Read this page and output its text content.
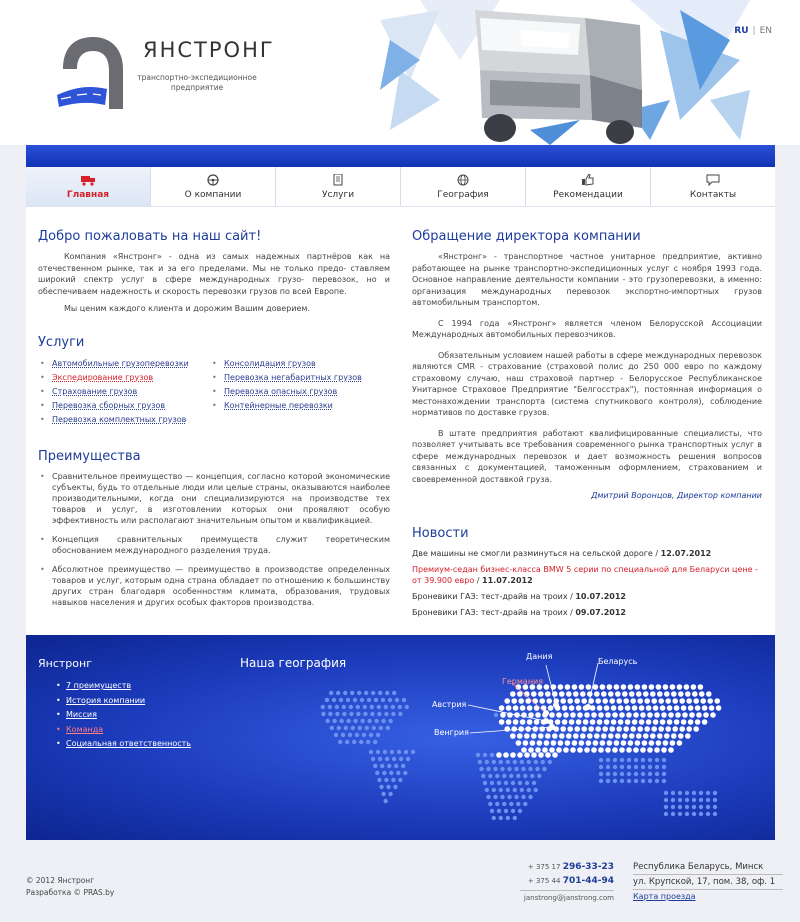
ЯНСТРОНГ
транспортно-экспедиционное предприятие
RU | EN
Главная	О компании	Услуги	География	Рекомендации	Контакты
Добро пожаловать на наш сайт!

Компания «Янстронг» - одна из самых надежных партнёров как на отечественном рынке, так и за его пределами. Мы не только предо- ставляем широкий спектр услуг в сфере международных грузо- перевозок, но и обеспечиваем надежность и скорость перевозки грузов по всей Европе.

Мы ценим каждого клиента и дорожим Вашим доверием.

Услуги
• Автомобильные грузоперевозки
• Экспедирование грузов
• Страхование грузов
• Перевозка сборных грузов
• Перевозка комплектных грузов
• Консолидация грузов
• Перевозка негабаритных грузов
• Перевозка опасных грузов
• Контейнерные перевозки
Преимущества
• Сравнительное преимущество — концепция, согласно которой экономические субъекты, будь то отдельные люди или целые страны, оказываются наиболее производительными, когда они специализируются на производстве тех товаров и услуг, в изготовлении которых они проявляют особую эффективность или располагают значительным опытом и квалификацией.
• Концепция сравнительных преимуществ служит теоретическим обоснованием международного разделения труда.
• Абсолютное преимущество — преимущество в производстве определенных товаров и услуг, которым одна страна обладает по отношению к большинству других стран благодаря особенностям климата, образования, трудовых навыков населения и других особых факторов производства.
Обращение директора компании

«Янстронг» - транспортное частное унитарное предприятие, активно работающее на рынке транспортно-экспедиционных услуг с ноября 1993 года. Основное направление деятельности компании - это грузоперевозки, а именно: организация международных перевозок экспортно-импортных грузов автомобильным транспортом.

С 1994 года «Янстронг» является членом Белорусской Ассоциации Международных автомобильных перевозчиков.

Обязательным условием нашей работы в сфере международных перевозок являются CMR - страхование (страховой полис до 250 000 евро по каждому страховому случаю, наш страховой партнер - Белорусское Республиканское Унитарное Страховое Предприятие "Белгосстрах"), постоянная информация о местонахождении транспорта (система спутникового контроля), соблюдение нормативов по доставке грузов.

В штате предприятия работают квалифицированные специалисты, что позволяет учитывать все требования современного рынка транспортных услуг в сфере международных перевозок и дает возможность решения вопросов связанных с документацией, таможенным оформлением, страхованием и своевременной доставкой груза.

Дмитрий Воронцов, Директор компании
Новости
Две машины не смогли разминуться на сельской дороге / 12.07.2012
Премиум-седан бизнес-класса BMW 5 серии по специальной для Беларуси цене - от 39.900 евро / 11.07.2012
Броневики ГАЗ: тест-драйв на троих / 10.07.2012
Броневики ГАЗ: тест-драйв на троих / 09.07.2012
Дания
Беларусь
Германия
Австрия
Венгрия
Янстронг
• 7 преимуществ
• История компании
• Миссия
• Команда
• Социальная ответственность
Наша география
© 2012 Янстронг
Разработка © PRAS.by
+ 375 17 296-33-23
+ 375 44 701-44-94
janstrong@janstrong.com
Республика Беларусь, Минск
ул. Крупской, 17, пом. 38, оф. 1
Карта проезда
